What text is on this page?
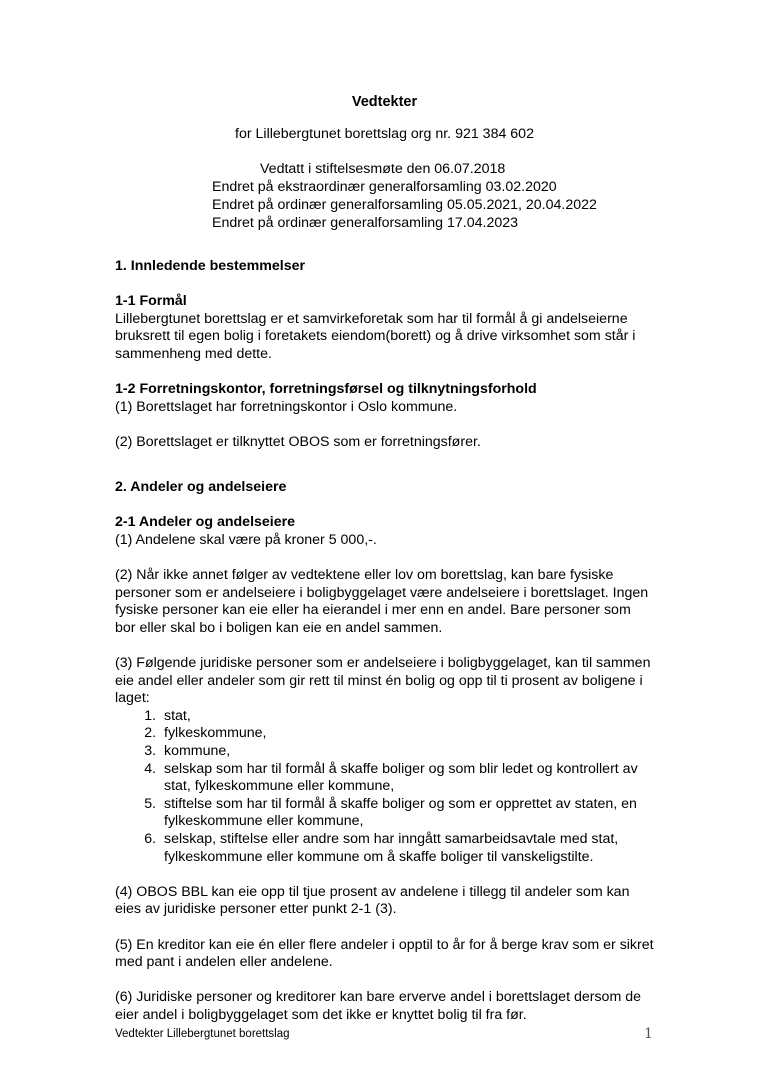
Vedtekter
for Lillebergtunet borettslag org nr. 921 384 602
Vedtatt i stiftelsesmøte den 06.07.2018
Endret på ekstraordinær generalforsamling 03.02.2020
Endret på ordinær generalforsamling 05.05.2021, 20.04.2022
Endret på ordinær generalforsamling 17.04.2023

1. Innledende bestemmelser

1-1 Formål

Lillebergtunet borettslag er et samvirkeforetak som har til formål å gi andelseierne bruksrett til egen bolig i foretakets eiendom(borett) og å drive virksomhet som står i sammenheng med dette.

1-2 Forretningskontor, forretningsførsel og tilknytningsforhold

(1) Borettslaget har forretningskontor i Oslo kommune.

(2) Borettslaget er tilknyttet OBOS som er forretningsfører.

2. Andeler og andelseiere

2-1 Andeler og andelseiere

(1) Andelene skal være på kroner 5 000,-.

(2) Når ikke annet følger av vedtektene eller lov om borettslag, kan bare fysiske personer som er andelseiere i boligbyggelaget være andelseiere i borettslaget. Ingen fysiske personer kan eie eller ha eierandel i mer enn en andel. Bare personer som bor eller skal bo i boligen kan eie en andel sammen.

(3) Følgende juridiske personer som er andelseiere i boligbyggelaget, kan til sammen eie andel eller andeler som gir rett til minst én bolig og opp til ti prosent av boligene i laget:

1. stat,
2. fylkeskommune,
3. kommune,
4. selskap som har til formål å skaffe boliger og som blir ledet og kontrollert av stat, fylkeskommune eller kommune,
5. stiftelse som har til formål å skaffe boliger og som er opprettet av staten, en fylkeskommune eller kommune,
6. selskap, stiftelse eller andre som har inngått samarbeidsavtale med stat, fylkeskommune eller kommune om å skaffe boliger til vanskeligstilte.

(4) OBOS BBL kan eie opp til tjue prosent av andelene i tillegg til andeler som kan eies av juridiske personer etter punkt 2-1 (3).

(5) En kreditor kan eie én eller flere andeler i opptil to år for å berge krav som er sikret med pant i andelen eller andelene.

(6) Juridiske personer og kreditorer kan bare erverve andel i borettslaget dersom de eier andel i boligbyggelaget som det ikke er knyttet bolig til fra før.

Vedtekter Lillebergtunet borettslag	1
